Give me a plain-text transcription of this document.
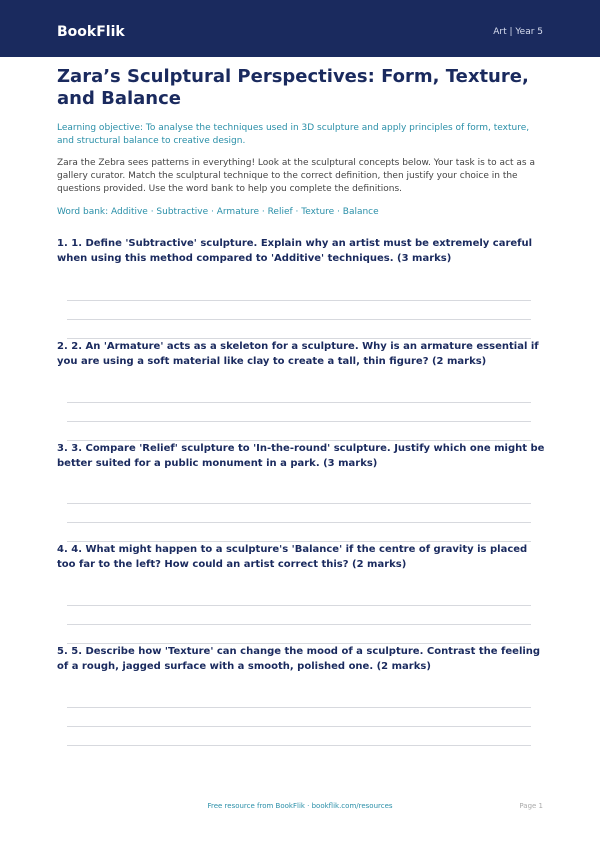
BookFlik	Art | Year 5
Zara’s Sculptural Perspectives: Form, Texture, and Balance

Learning objective: To analyse the techniques used in 3D sculpture and apply principles of form, texture, and structural balance to creative design.

Zara the Zebra sees patterns in everything! Look at the sculptural concepts below. Your task is to act as a gallery curator. Match the sculptural technique to the correct definition, then justify your choice in the questions provided. Use the word bank to help you complete the definitions.

Word bank: Additive · Subtractive · Armature · Relief · Texture · Balance

1. 1. Define 'Subtractive' sculpture. Explain why an artist must be extremely careful when using this method compared to 'Additive' techniques. (3 marks)

2. 2. An 'Armature' acts as a skeleton for a sculpture. Why is an armature essential if you are using a soft material like clay to create a tall, thin figure? (2 marks)

3. 3. Compare 'Relief' sculpture to 'In-the-round' sculpture. Justify which one might be better suited for a public monument in a park. (3 marks)

4. 4. What might happen to a sculpture's 'Balance' if the centre of gravity is placed too far to the left? How could an artist correct this? (2 marks)

5. 5. Describe how 'Texture' can change the mood of a sculpture. Contrast the feeling of a rough, jagged surface with a smooth, polished one. (2 marks)

Free resource from BookFlik · bookflik.com/resources	Page 1
